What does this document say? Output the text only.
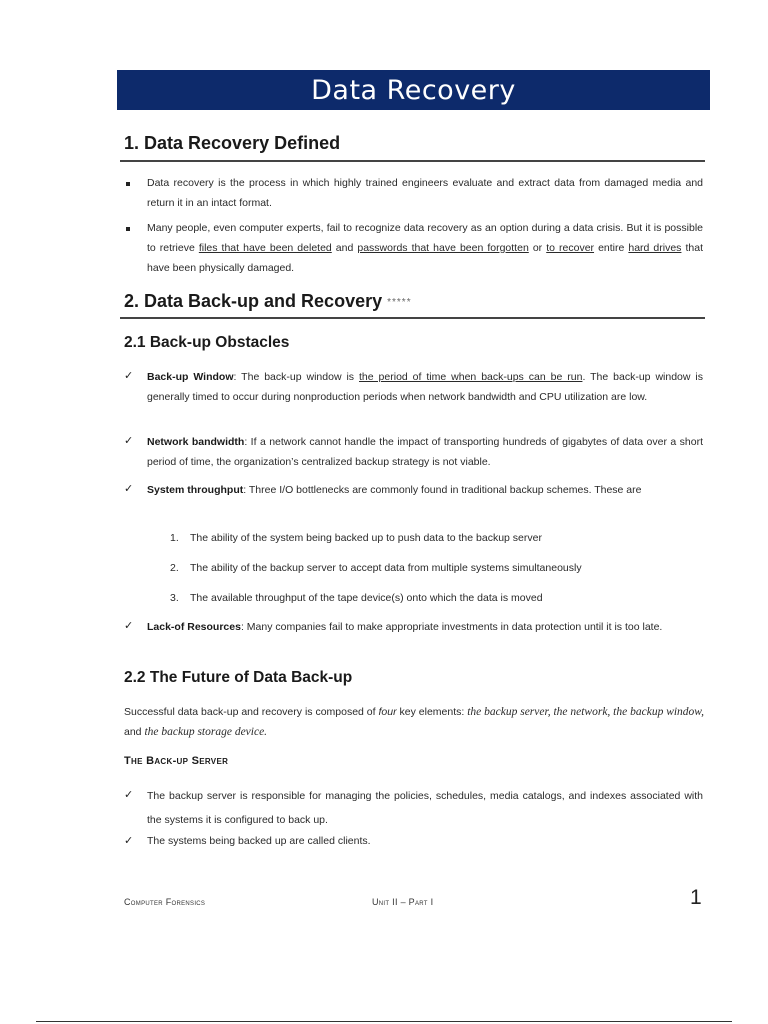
Data Recovery
1. Data Recovery Defined

Data recovery is the process in which highly trained engineers evaluate and extract data from damaged media and return it in an intact format.

Many people, even computer experts, fail to recognize data recovery as an option during a data crisis. But it is possible to retrieve files that have been deleted and passwords that have been forgotten or to recover entire hard drives that have been physically damaged.

2. Data Back-up and Recovery *****
2.1 Back-up Obstacles
✓ Back-up Window: The back-up window is the period of time when back-ups can be run. The back-up window is generally timed to occur during nonproduction periods when network bandwidth and CPU utilization are low.

✓ Network bandwidth: If a network cannot handle the impact of transporting hundreds of gigabytes of data over a short period of time, the organization’s centralized backup strategy is not viable.

✓ System throughput: Three I/O bottlenecks are commonly found in traditional backup schemes. These are

1. The ability of the system being backed up to push data to the backup server
2. The ability of the backup server to accept data from multiple systems simultaneously
3. The available throughput of the tape device(s) onto which the data is moved
✓ Lack-of Resources: Many companies fail to make appropriate investments in data protection until it is too late.

2.2 The Future of Data Back-up

Successful data back-up and recovery is composed of four key elements: the backup server, the network, the backup window, and the backup storage device.

The Back-up Server
✓ The backup server is responsible for managing the policies, schedules, media catalogs, and indexes associated with the systems it is configured to back up.

✓ The systems being backed up are called clients.

Computer Forensics	Unit II – Part I	1
